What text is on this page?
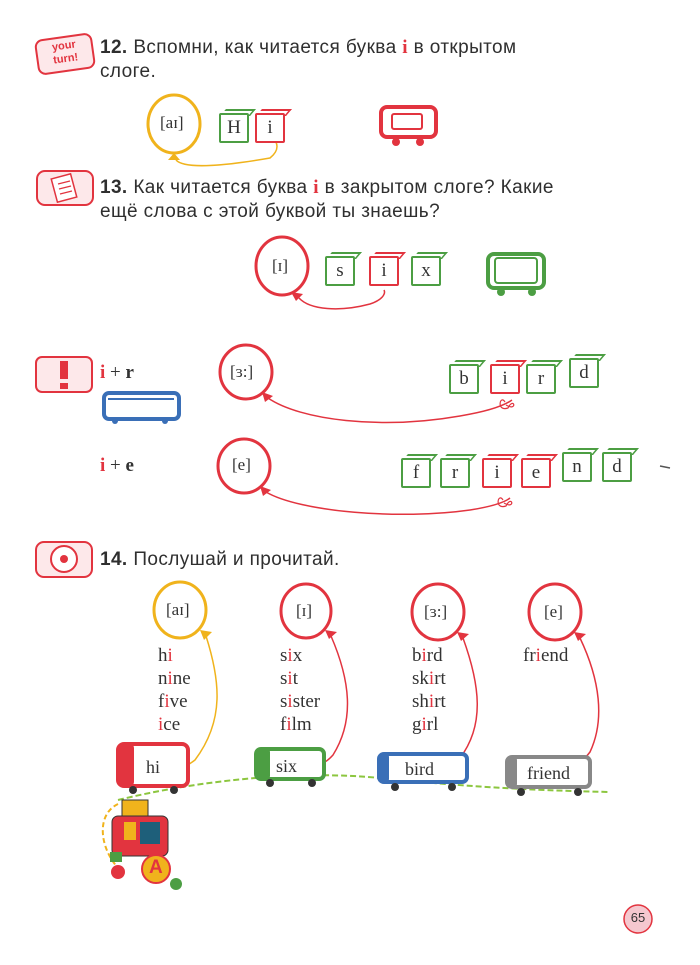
your turn!
12. Вспомни, как читается буква i в открытом
слоге.
[aɪ]	H	i
13. Как читается буква i в закрытом слоге? Какие
ещё слова с этой буквой ты знаешь?
[ɪ]	s	i	x
i + r	[ɜ:]	b	i	r	d
i + e	[e]	f	r	i	e	n	d
14. Послушай и прочитай.
[aɪ]
hi
nine
five
ice
hi
[ɪ]
six
sit
sister
film
six
[ɜ:]
bird
skirt
shirt
girl
bird
[e]
friend
friend
A
65
